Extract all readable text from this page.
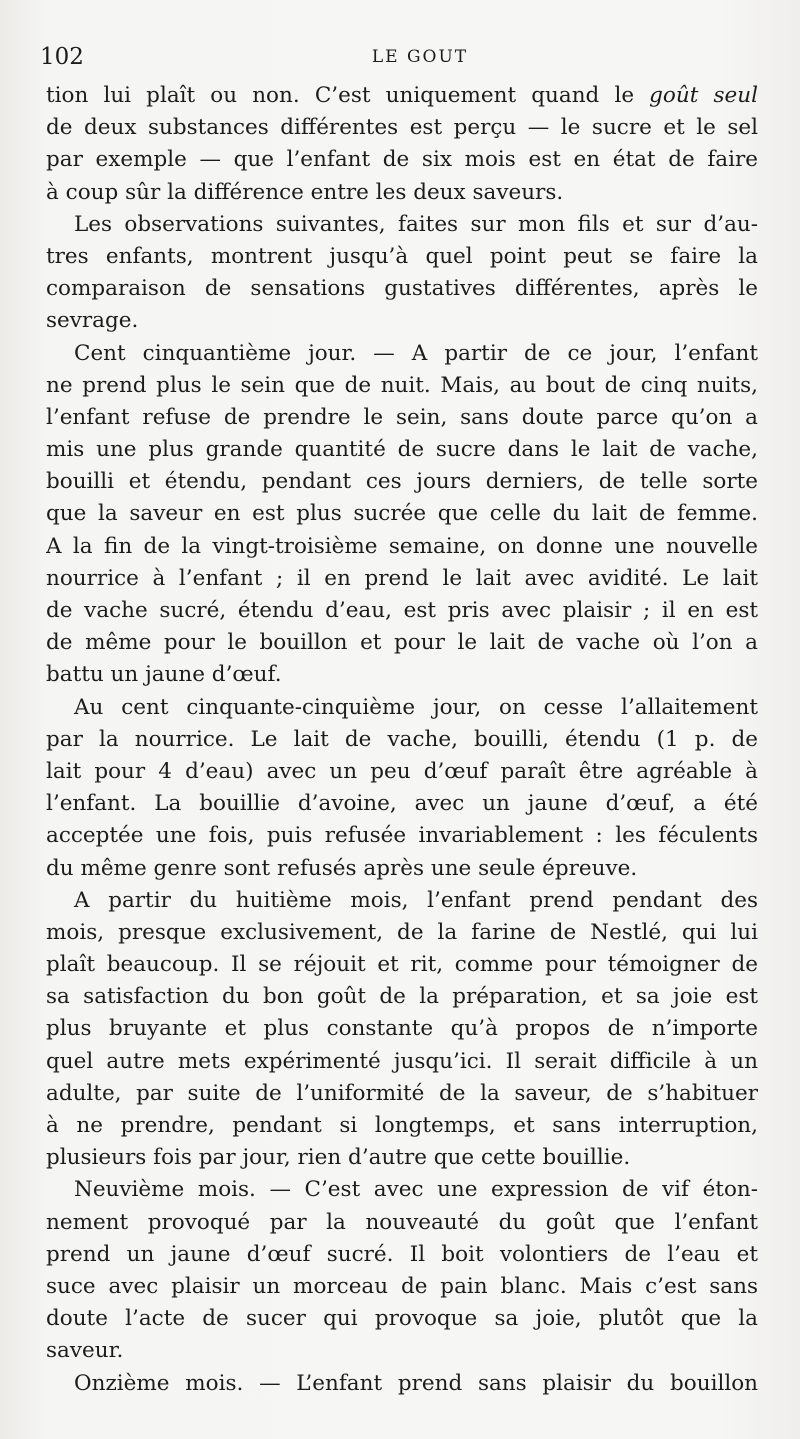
102	LE GOUT
tion lui plaît ou non. C’est uniquement quand le goût seul
de deux substances différentes est perçu — le sucre et le sel
par exemple — que l’enfant de six mois est en état de faire
à coup sûr la différence entre les deux saveurs.
Les observations suivantes, faites sur mon fils et sur d’au-
tres enfants, montrent jusqu’à quel point peut se faire la
comparaison de sensations gustatives différentes, après le
sevrage.
Cent cinquantième jour. — A partir de ce jour, l’enfant
ne prend plus le sein que de nuit. Mais, au bout de cinq nuits,
l’enfant refuse de prendre le sein, sans doute parce qu’on a
mis une plus grande quantité de sucre dans le lait de vache,
bouilli et étendu, pendant ces jours derniers, de telle sorte
que la saveur en est plus sucrée que celle du lait de femme.
A la fin de la vingt-troisième semaine, on donne une nouvelle
nourrice à l’enfant ; il en prend le lait avec avidité. Le lait
de vache sucré, étendu d’eau, est pris avec plaisir ; il en est
de même pour le bouillon et pour le lait de vache où l’on a
battu un jaune d’œuf.
Au cent cinquante-cinquième jour, on cesse l’allaitement
par la nourrice. Le lait de vache, bouilli, étendu (1 p. de
lait pour 4 d’eau) avec un peu d’œuf paraît être agréable à
l’enfant. La bouillie d’avoine, avec un jaune d’œuf, a été
acceptée une fois, puis refusée invariablement : les féculents
du même genre sont refusés après une seule épreuve.
A partir du huitième mois, l’enfant prend pendant des
mois, presque exclusivement, de la farine de Nestlé, qui lui
plaît beaucoup. Il se réjouit et rit, comme pour témoigner de
sa satisfaction du bon goût de la préparation, et sa joie est
plus bruyante et plus constante qu’à propos de n’importe
quel autre mets expérimenté jusqu’ici. Il serait difficile à un
adulte, par suite de l’uniformité de la saveur, de s’habituer
à ne prendre, pendant si longtemps, et sans interruption,
plusieurs fois par jour, rien d’autre que cette bouillie.
Neuvième mois. — C’est avec une expression de vif éton-
nement provoqué par la nouveauté du goût que l’enfant
prend un jaune d’œuf sucré. Il boit volontiers de l’eau et
suce avec plaisir un morceau de pain blanc. Mais c’est sans
doute l’acte de sucer qui provoque sa joie, plutôt que la
saveur.
Onzième mois. — L’enfant prend sans plaisir du bouillon
